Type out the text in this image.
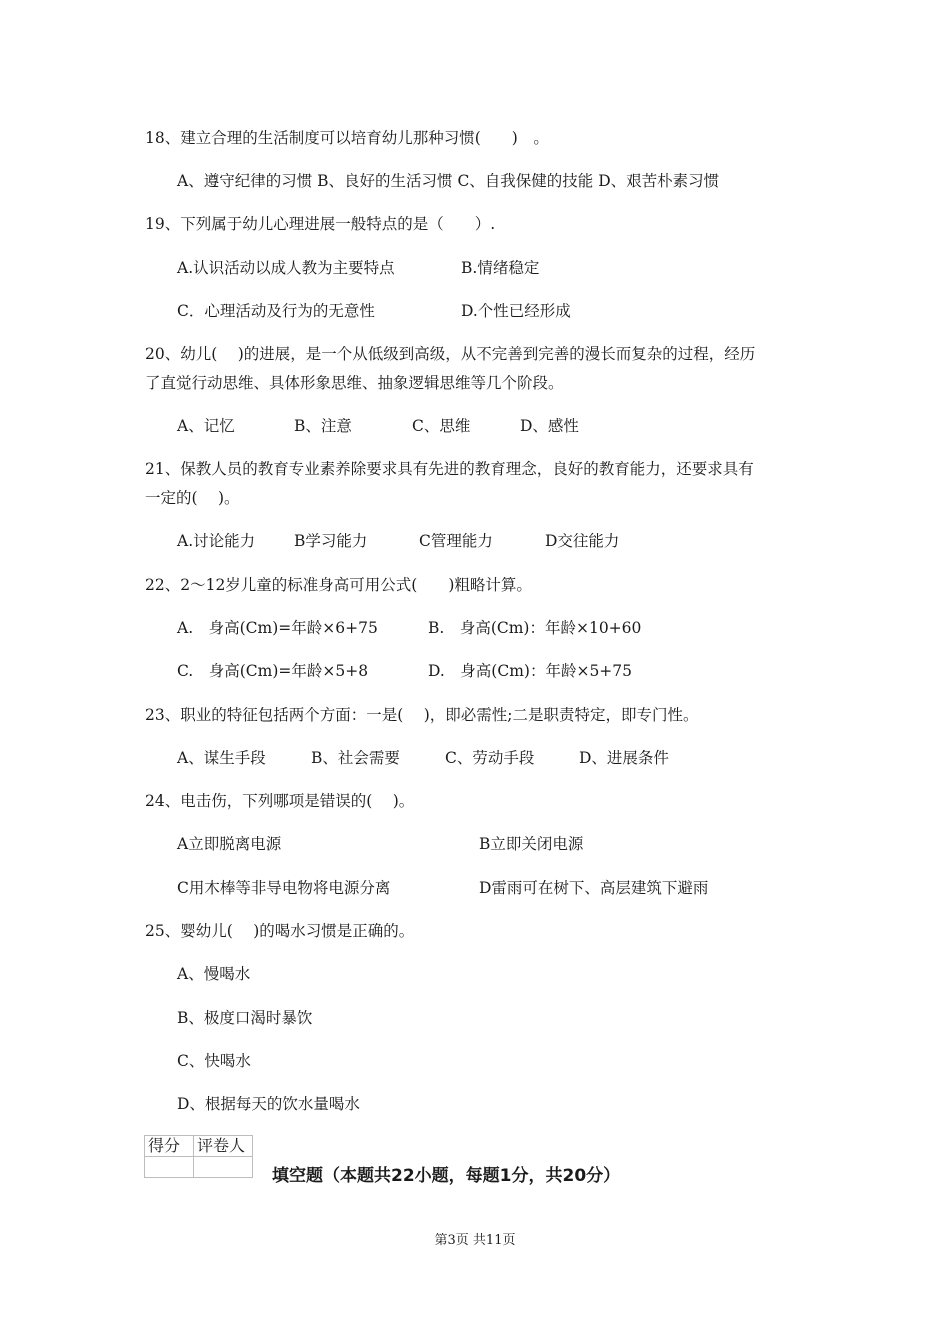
18、建立合理的生活制度可以培育幼儿那种习惯(　　)　。
A、遵守纪律的习惯 B、良好的生活习惯 C、自我保健的技能 D、艰苦朴素习惯
19、下列属于幼儿心理进展一般特点的是（　　）.
A.认识活动以成人教为主要特点	B.情绪稳定
C．心理活动及行为的无意性	D.个性已经形成
20、幼儿(　 )的进展，是一个从低级到高级，从不完善到完善的漫长而复杂的过程，经历
了直觉行动思维、具体形象思维、抽象逻辑思维等几个阶段。
A、记忆	B、注意	C、思维	D、感性
21、保教人员的教育专业素养除要求具有先进的教育理念，良好的教育能力，还要求具有
一定的(　 )。
A.讨论能力	B学习能力	C管理能力	D交往能力
22、2～12岁儿童的标准身高可用公式(　　)粗略计算。
A.　身高(Cm)=年龄×6+75	B.　身高(Cm)：年龄×10+60
C.　身高(Cm)=年龄×5+8	D.　身高(Cm)：年龄×5+75
23、职业的特征包括两个方面：一是(　 )，即必需性;二是职责特定，即专门性。
A、谋生手段	B、社会需要	C、劳动手段	D、进展条件
24、电击伤，下列哪项是错误的(　 )。
A立即脱离电源	B立即关闭电源
C用木棒等非导电物将电源分离	D雷雨可在树下、高层建筑下避雨
25、婴幼儿(　 )的喝水习惯是正确的。
A、慢喝水
B、极度口渴时暴饮
C、快喝水
D、根据每天的饮水量喝水
得分	评卷人

填空题（本题共22小题，每题1分，共20分）
第3页 共11页
